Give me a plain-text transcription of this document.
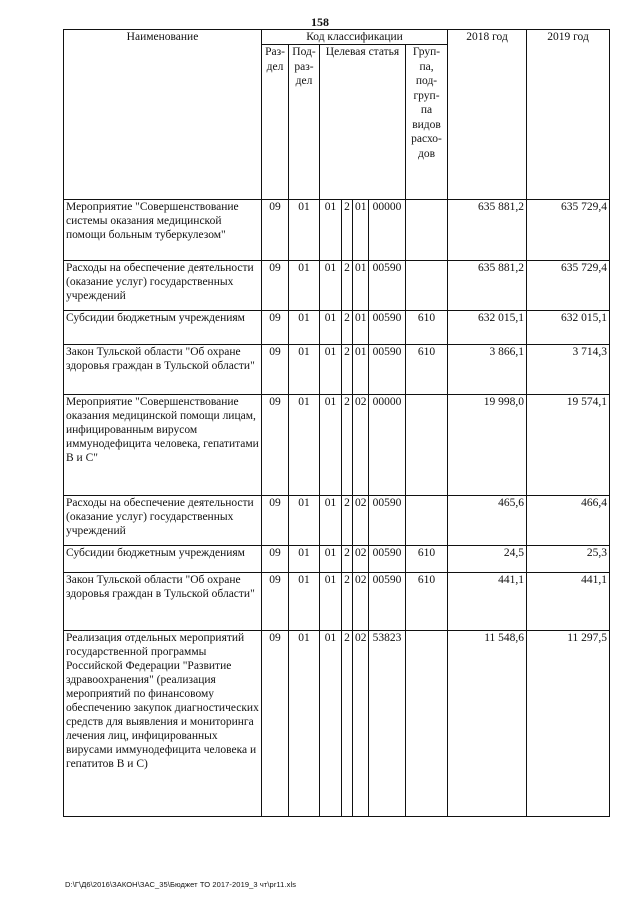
158
Наименование	Код классификации							2018 год	2019 год
	Раз-дел	Под-раз-дел	Целевая статья				Груп-па, под-груп-па видов расхо-дов		
Мероприятие "Совершенствование системы оказания медицинской помощи больным туберкулезом"	09	01	01	2	01	00000		635 881,2	635 729,4
Расходы на обеспечение деятельности (оказание услуг) государственных учреждений	09	01	01	2	01	00590		635 881,2	635 729,4
Субсидии бюджетным учреждениям	09	01	01	2	01	00590	610	632 015,1	632 015,1
Закон Тульской области "Об охране здоровья граждан в Тульской области"	09	01	01	2	01	00590	610	3 866,1	3 714,3
Мероприятие "Совершенствование оказания медицинской помощи лицам, инфицированным вирусом иммунодефицита человека, гепатитами В и С"	09	01	01	2	02	00000		19 998,0	19 574,1
Расходы на обеспечение деятельности (оказание услуг) государственных учреждений	09	01	01	2	02	00590		465,6	466,4
Субсидии бюджетным учреждениям	09	01	01	2	02	00590	610	24,5	25,3
Закон Тульской области "Об охране здоровья граждан в Тульской области"	09	01	01	2	02	00590	610	441,1	441,1
Реализация отдельных мероприятий государственной программы Российской Федерации "Развитие здравоохранения" (реализация мероприятий по финансовому обеспечению закупок диагностических средств для выявления и мониторинга лечения лиц, инфицированных вирусами иммунодефицита человека и гепатитов В и С)	09	01	01	2	02	53823		11 548,6	11 297,5
D:\Г\Д6\2016\ЗАКОН\ЗАС_35\Бюджет ТО 2017-2019_3 чт\pr11.xls
